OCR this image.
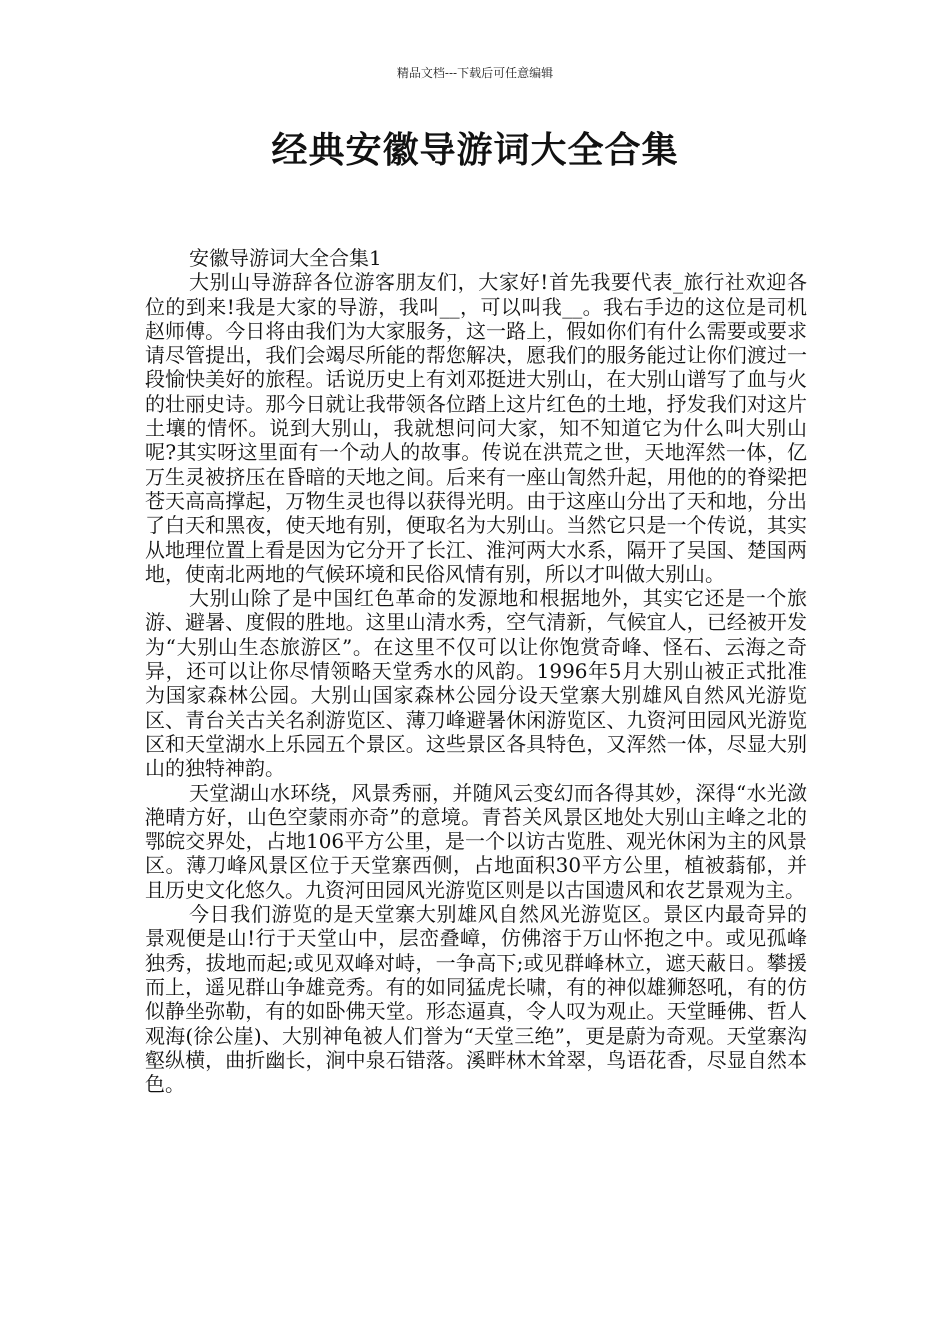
精品文档---下载后可任意编辑
经典安徽导游词大全合集

安徽导游词大全合集1

大别山导游辞各位游客朋友们，大家好!首先我要代表_旅行社欢迎各位的到来!我是大家的导游，我叫__，可以叫我__。我右手边的这位是司机赵师傅。今日将由我们为大家服务，这一路上，假如你们有什么需要或要求请尽管提出，我们会竭尽所能的帮您解决，愿我们的服务能过让你们渡过一段愉快美好的旅程。话说历史上有刘邓挺进大别山，在大别山谱写了血与火的壮丽史诗。那今日就让我带领各位踏上这片红色的土地，抒发我们对这片土壤的情怀。说到大别山，我就想问问大家，知不知道它为什么叫大别山呢?其实呀这里面有一个动人的故事。传说在洪荒之世，天地浑然一体，亿万生灵被挤压在昏暗的天地之间。后来有一座山訇然升起，用他的的脊梁把苍天高高撑起，万物生灵也得以获得光明。由于这座山分出了天和地，分出了白天和黑夜，使天地有别，便取名为大别山。当然它只是一个传说，其实从地理位置上看是因为它分开了长江、淮河两大水系，隔开了吴国、楚国两地，使南北两地的气候环境和民俗风情有别，所以才叫做大别山。

大别山除了是中国红色革命的发源地和根据地外，其实它还是一个旅游、避暑、度假的胜地。这里山清水秀，空气清新，气候宜人，已经被开发为“大别山生态旅游区”。在这里不仅可以让你饱赏奇峰、怪石、云海之奇异，还可以让你尽情领略天堂秀水的风韵。1996年5月大别山被正式批准为国家森林公园。大别山国家森林公园分设天堂寨大别雄风自然风光游览区、青台关古关名刹游览区、薄刀峰避暑休闲游览区、九资河田园风光游览区和天堂湖水上乐园五个景区。这些景区各具特色，又浑然一体，尽显大别山的独特神韵。

天堂湖山水环绕，风景秀丽，并随风云变幻而各得其妙，深得“水光潋滟晴方好，山色空蒙雨亦奇”的意境。青苔关风景区地处大别山主峰之北的鄂皖交界处，占地106平方公里，是一个以访古览胜、观光休闲为主的风景区。薄刀峰风景区位于天堂寨西侧，占地面积30平方公里，植被蓊郁，并且历史文化悠久。九资河田园风光游览区则是以古国遗风和农艺景观为主。

今日我们游览的是天堂寨大别雄风自然风光游览区。景区内最奇异的景观便是山!行于天堂山中，层峦叠嶂，仿佛溶于万山怀抱之中。或见孤峰独秀，拔地而起;或见双峰对峙，一争高下;或见群峰林立，遮天蔽日。攀援而上，遥见群山争雄竞秀。有的如同猛虎长啸，有的神似雄狮怒吼，有的仿似静坐弥勒，有的如卧佛天堂。形态逼真，令人叹为观止。天堂睡佛、哲人观海(徐公崖)、大别神龟被人们誉为“天堂三绝”，更是蔚为奇观。天堂寨沟壑纵横，曲折幽长，涧中泉石错落。溪畔林木耸翠，鸟语花香，尽显自然本色。
